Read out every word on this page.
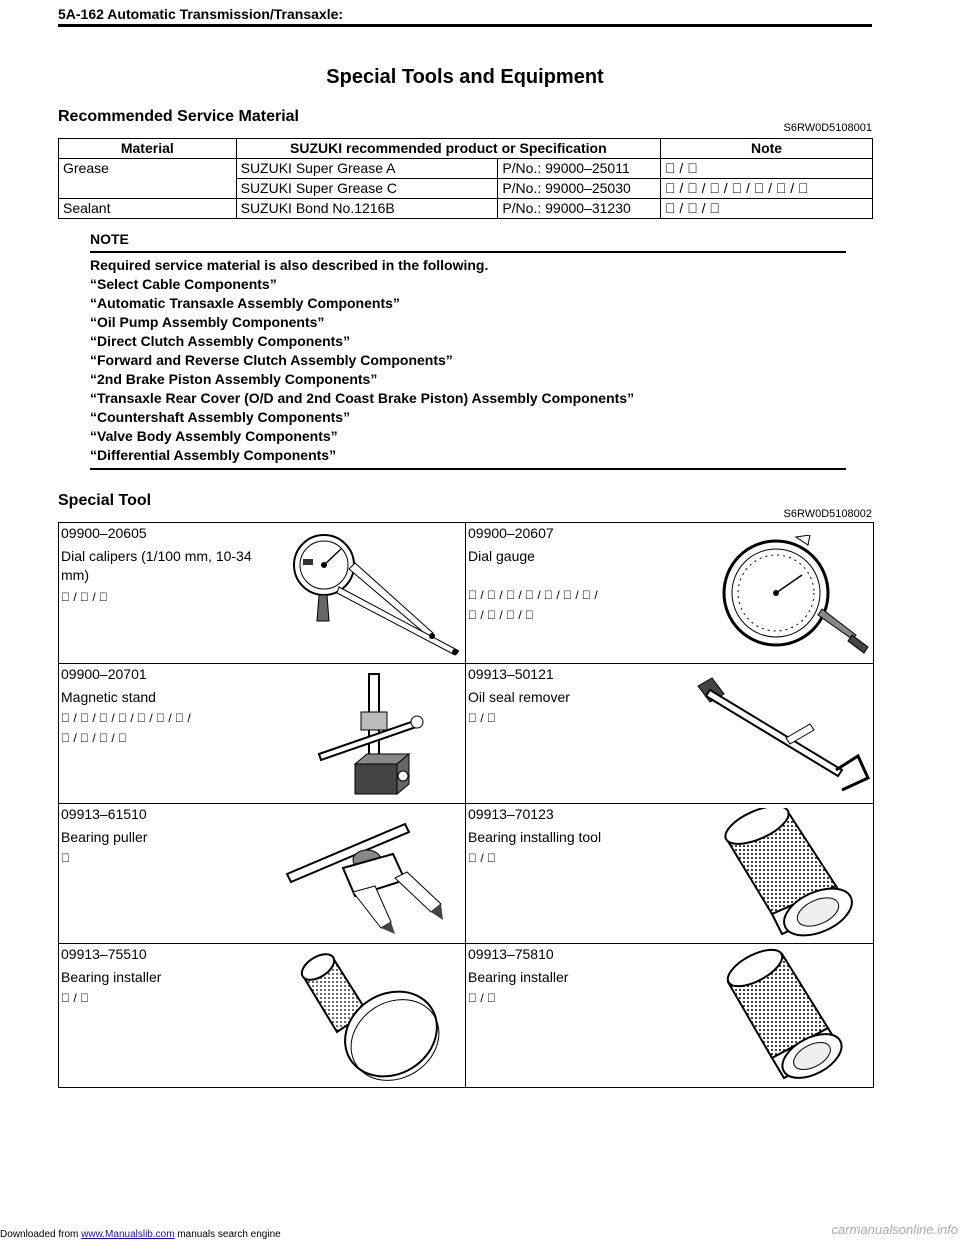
5A-162 Automatic Transmission/Transaxle:
Special Tools and Equipment
Recommended Service Material
S6RW0D5108001
Material	SUZUKI recommended product or Specification		Note
Grease	SUZUKI Super Grease A	P/No.: 99000–25011	/
	SUZUKI Super Grease C	P/No.: 99000–25030	/ / / / / /
Sealant	SUZUKI Bond No.1216B	P/No.: 99000–31230	/ /
NOTE
Required service material is also described in the following.
“Select Cable Components”
“Automatic Transaxle Assembly Components”
“Oil Pump Assembly Components”
“Direct Clutch Assembly Components”
“Forward and Reverse Clutch Assembly Components”
“2nd Brake Piston Assembly Components”
“Transaxle Rear Cover (O/D and 2nd Coast Brake Piston) Assembly Components”
“Countershaft Assembly Components”
“Valve Body Assembly Components”
“Differential Assembly Components”
Special Tool
S6RW0D5108002
09900–20605
Dial calipers (1/100 mm, 10-34 mm)
/ /
09900–20607
Dial gauge
/ / / / / / /
/ / /
09900–20701
Magnetic stand
/ / / / / / /
/ / /
09913–50121
Oil seal remover
/
09913–61510
Bearing puller
09913–70123
Bearing installing tool
/
09913–75510
Bearing installer
/
09913–75810
Bearing installer
/
Downloaded from www.Manualslib.com manuals search engine	carmanualsonline.info
